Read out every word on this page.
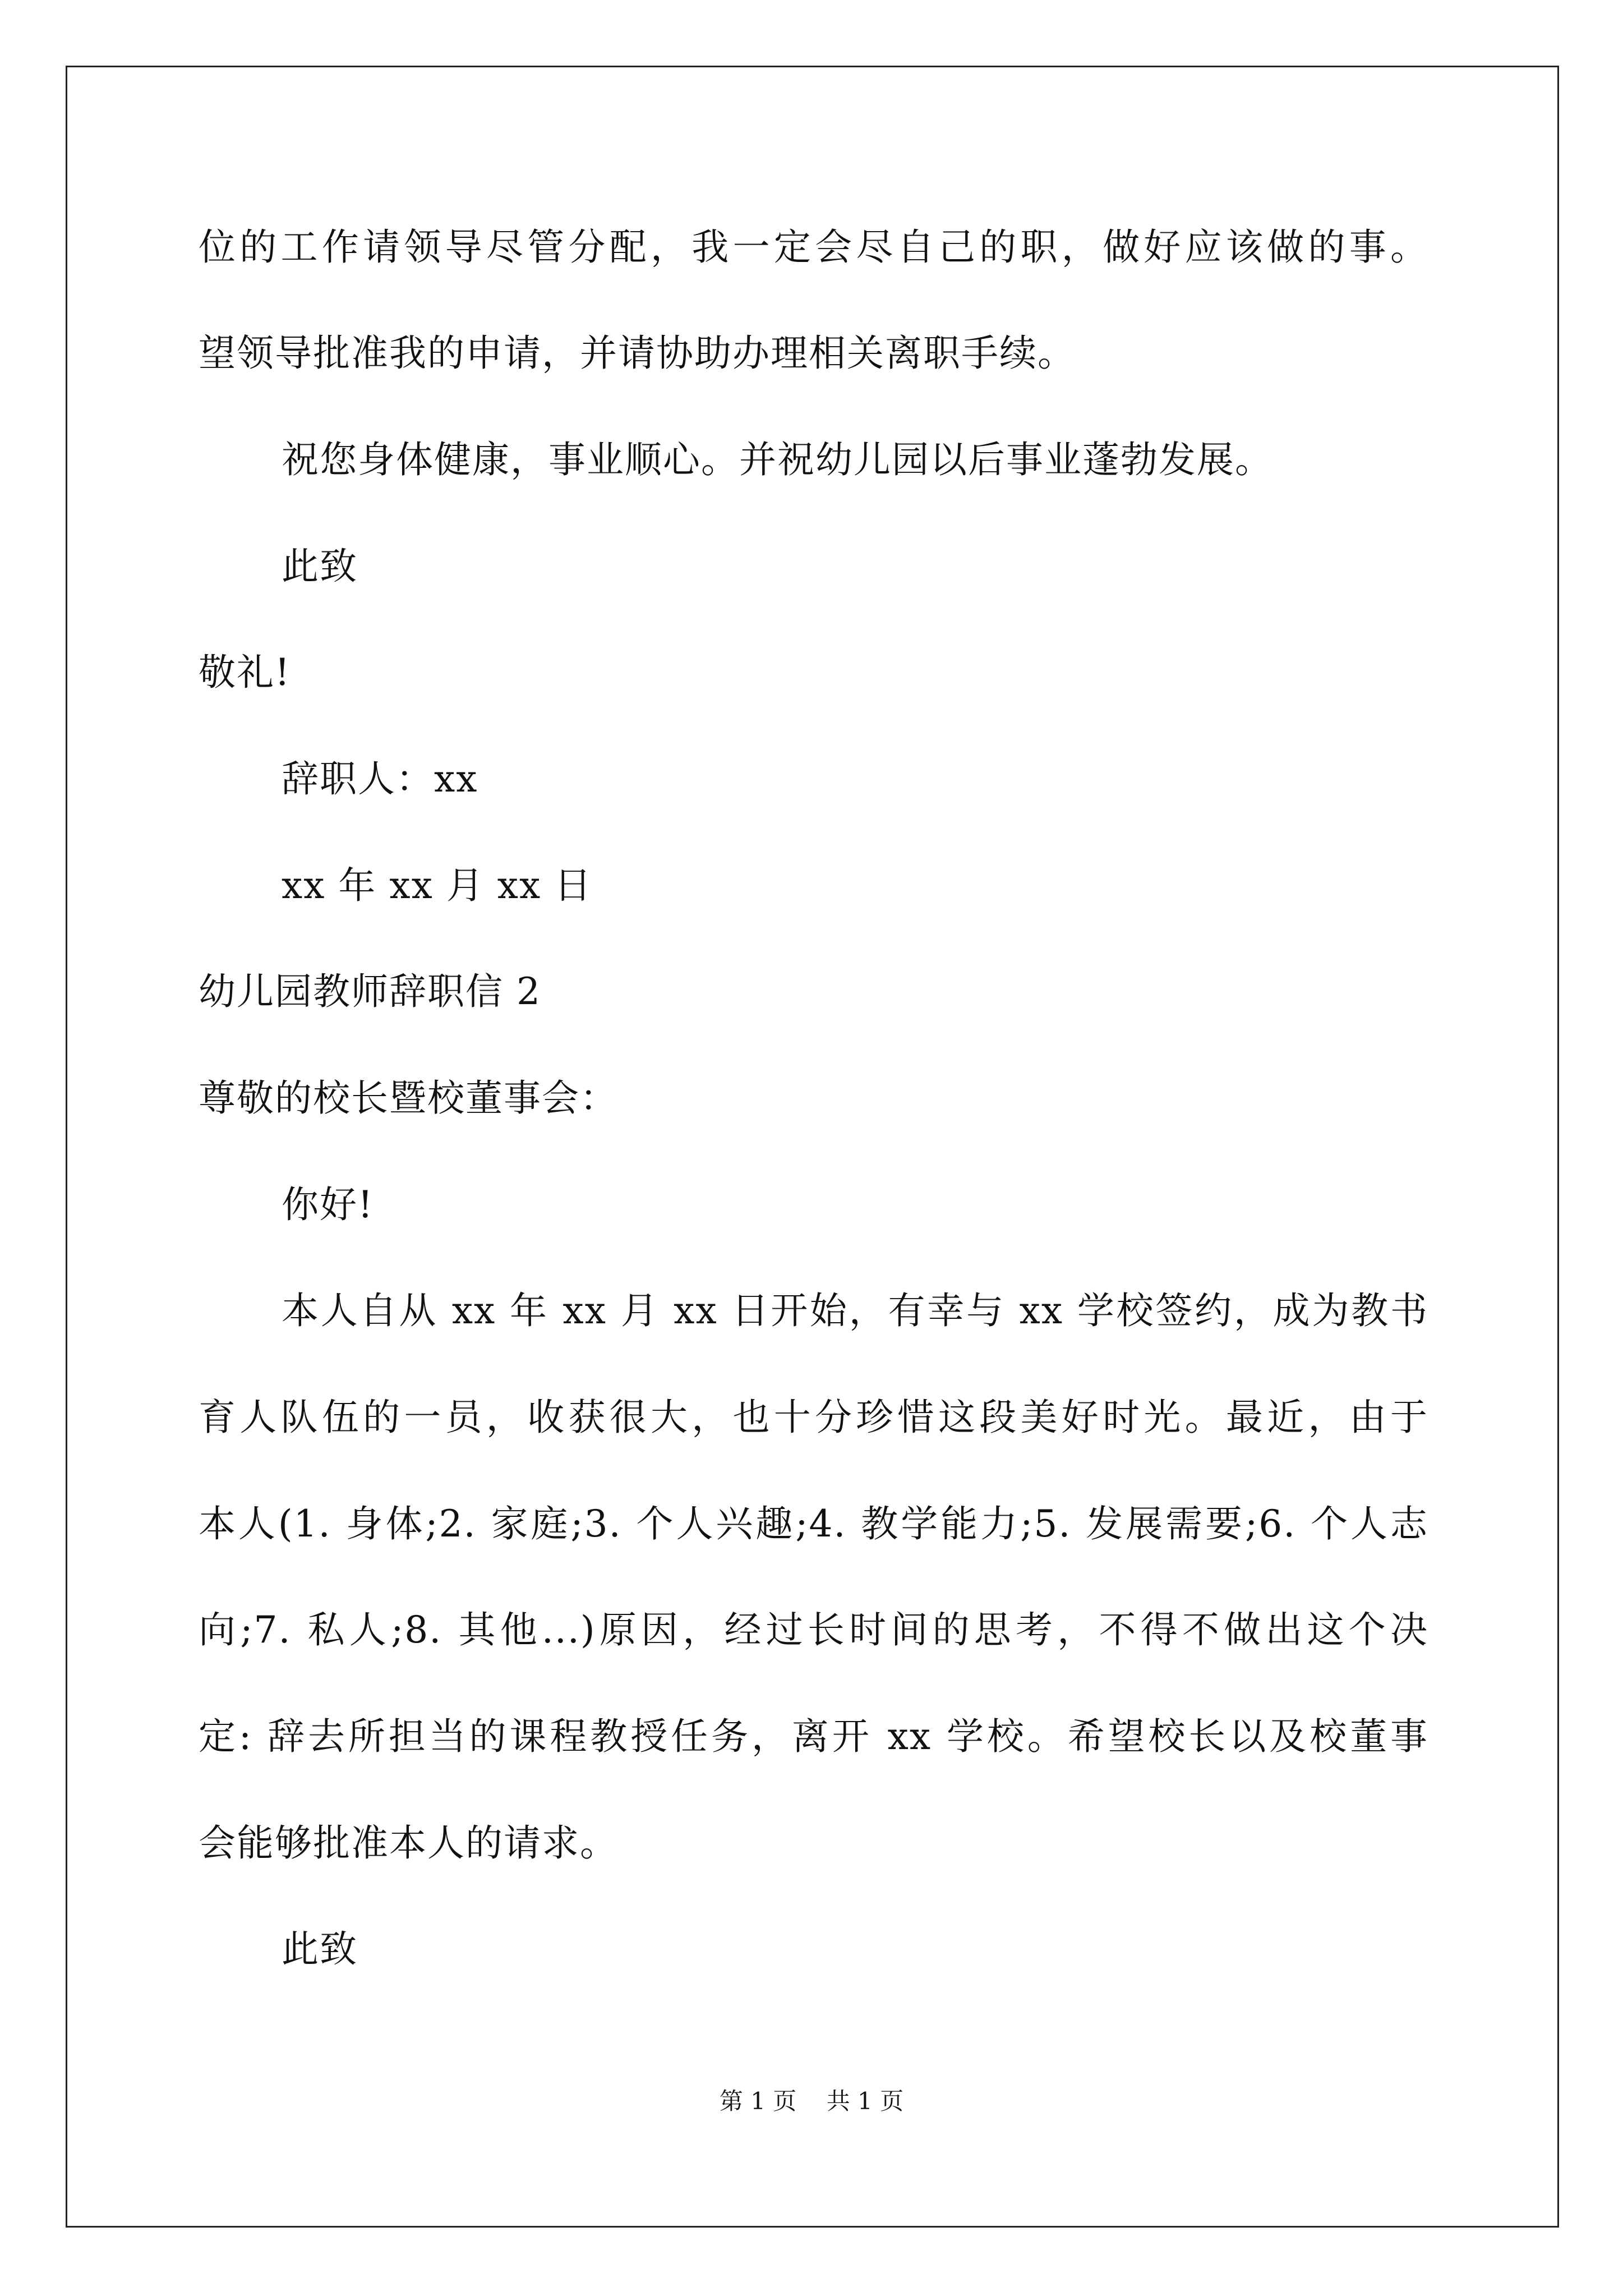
位的工作请领导尽管分配，我一定会尽自己的职，做好应该做的事。
望领导批准我的申请，并请协助办理相关离职手续。
祝您身体健康，事业顺心。并祝幼儿园以后事业蓬勃发展。
此致
敬礼!
辞职人：xx
xx 年 xx 月 xx 日
幼儿园教师辞职信 2
尊敬的校长暨校董事会：
你好!
本人自从 xx 年 xx 月 xx 日开始，有幸与 xx 学校签约，成为教书
育人队伍的一员，收获很大，也十分珍惜这段美好时光。最近，由于
本人(1. 身体;2. 家庭;3. 个人兴趣;4. 教学能力;5. 发展需要;6. 个人志
向;7. 私人;8. 其他...)原因，经过长时间的思考，不得不做出这个决
定: 辞去所担当的课程教授任务，离开 xx 学校。希望校长以及校董事
会能够批准本人的请求。
此致
第 1 页    共 1 页
